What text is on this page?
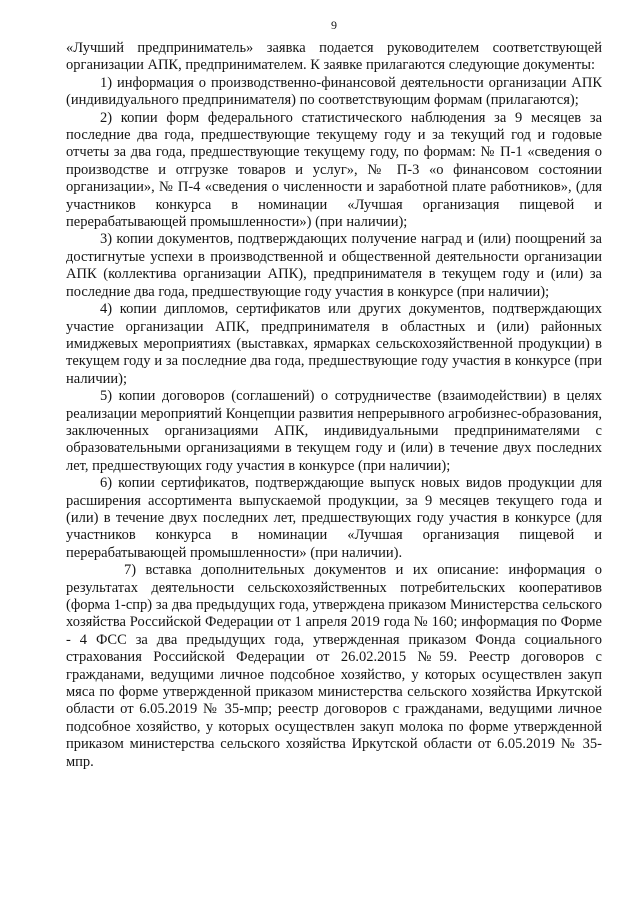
9

«Лучший предприниматель» заявка подается руководителем соответствующей организации АПК, предпринимателем. К заявке прилагаются следующие документы:

1) информация о производственно-финансовой деятельности организации АПК (индивидуального предпринимателя) по соответствующим формам (прилагаются);

2) копии форм федерального статистического наблюдения за 9 месяцев за последние два года, предшествующие текущему году и за текущий год и годовые отчеты за два года, предшествующие текущему году, по формам: № П-1 «сведения о производстве и отгрузке товаров и услуг», № П-3 «о финансовом состоянии организации», № П-4 «сведения о численности и заработной плате работников», (для участников конкурса в номинации «Лучшая организация пищевой и перерабатывающей промышленности») (при наличии);

3) копии документов, подтверждающих получение наград и (или) поощрений за достигнутые успехи в производственной и общественной деятельности организации АПК (коллектива организации АПК), предпринимателя в текущем году и (или) за последние два года, предшествующие году участия в конкурсе (при наличии);

4) копии дипломов, сертификатов или других документов, подтверждающих участие организации АПК, предпринимателя в областных и (или) районных имиджевых мероприятиях (выставках, ярмарках сельскохозяйственной продукции) в текущем году и за последние два года, предшествующие году участия в конкурсе (при наличии);

5) копии договоров (соглашений) о сотрудничестве (взаимодействии) в целях реализации мероприятий Концепции развития непрерывного агробизнес-образования, заключенных организациями АПК, индивидуальными предпринимателями с образовательными организациями в текущем году и (или) в течение двух последних лет, предшествующих году участия в конкурсе (при наличии);

6) копии сертификатов, подтверждающие выпуск новых видов продукции для расширения ассортимента выпускаемой продукции, за 9 месяцев текущего года и (или) в течение двух последних лет, предшествующих году участия в конкурсе (для участников конкурса в номинации «Лучшая организация пищевой и перерабатывающей промышленности» (при наличии).

7) вставка дополнительных документов и их описание: информация о результатах деятельности сельскохозяйственных потребительских кооперативов (форма 1-спр) за два предыдущих года, утверждена приказом Министерства сельского хозяйства Российской Федерации от 1 апреля 2019 года № 160; информация по Форме - 4 ФСС за два предыдущих года, утвержденная приказом Фонда социального страхования Российской Федерации от 26.02.2015 №59. Реестр договоров с гражданами, ведущими личное подсобное хозяйство, у которых осуществлен закуп мяса по форме утвержденной приказом министерства сельского хозяйства Иркутской области от 6.05.2019 № 35-мпр; реестр договоров с гражданами, ведущими личное подсобное хозяйство, у которых осуществлен закуп молока по форме утвержденной приказом министерства сельского хозяйства Иркутской области от 6.05.2019 № 35-мпр.
